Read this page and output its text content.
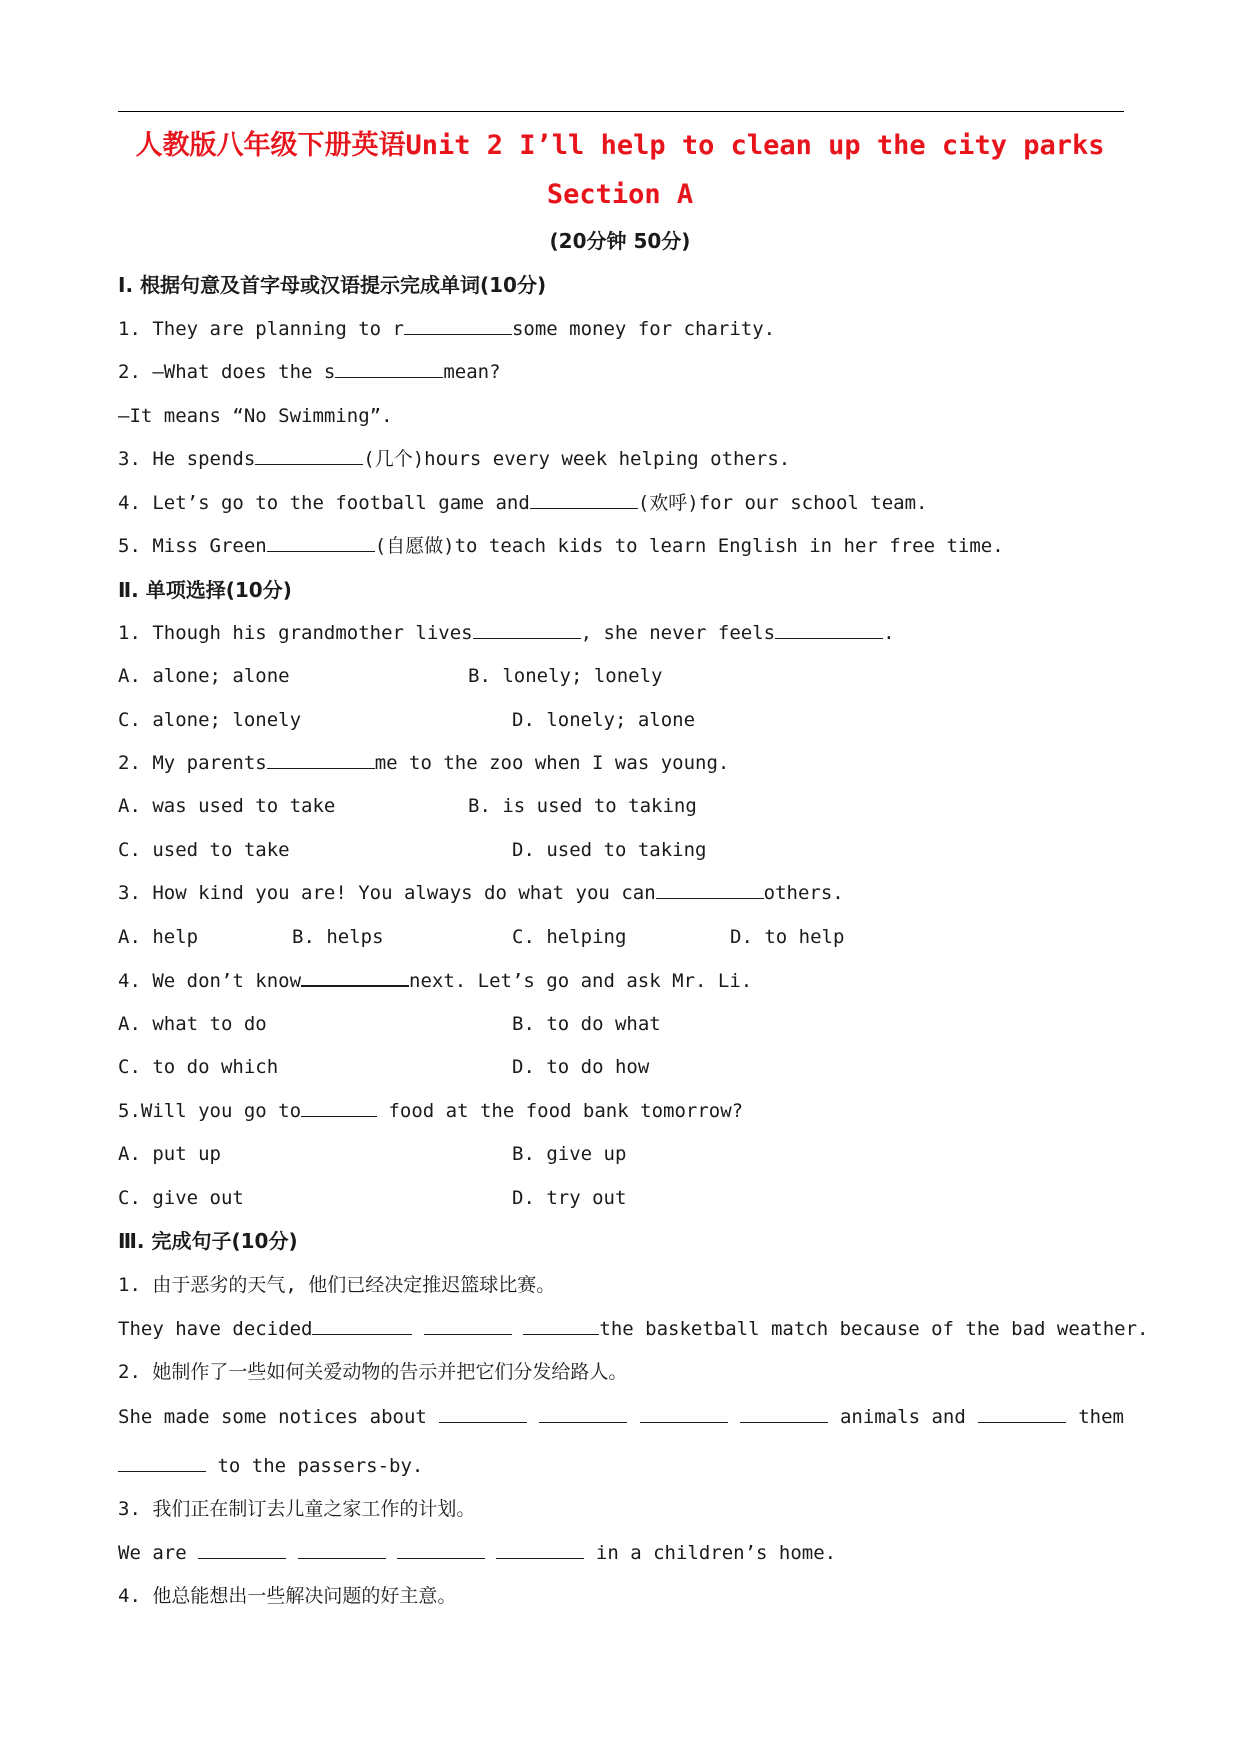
人教版八年级下册英语Unit 2 I’ll help to clean up the city parks
Section A
(20分钟 50分)
Ⅰ. 根据句意及首字母或汉语提示完成单词(10分)
1. They are planning to r	some money for charity.
2. —What does the s	mean?
—It means “No Swimming”.
3. He spends	(几个)hours every week helping others.
4. Let’s go to the football game and	(欢呼)for our school team.
5. Miss Green	(自愿做)to teach kids to learn English in her free time.
Ⅱ. 单项选择(10分)
1. Though his grandmother lives	, she never feels	.
A. alone; alone	B. lonely; lonely
C. alone; lonely	D. lonely; alone
2. My parents	me to the zoo when I was young.
A. was used to take	B. is used to taking
C. used to take	D. used to taking
3. How kind you are! You always do what you can	others.
A. help	B. helps	C. helping	D. to help
4. We don’t know	next. Let’s go and ask Mr. Li.
A. what to do	B. to do what
C. to do which	D. to do how
5.Will you go to	food at the food bank tomorrow?
A. put up	B. give up
C. give out	D. try out
Ⅲ. 完成句子(10分)
1. 由于恶劣的天气, 他们已经决定推迟篮球比赛。
They have decided	the basketball match because of the bad weather.
2. 她制作了一些如何关爱动物的告示并把它们分发给路人。
She made some notices about	animals and	them
to the passers-by.
3. 我们正在制订去儿童之家工作的计划。
We are	in a children’s home.
4. 他总能想出一些解决问题的好主意。
